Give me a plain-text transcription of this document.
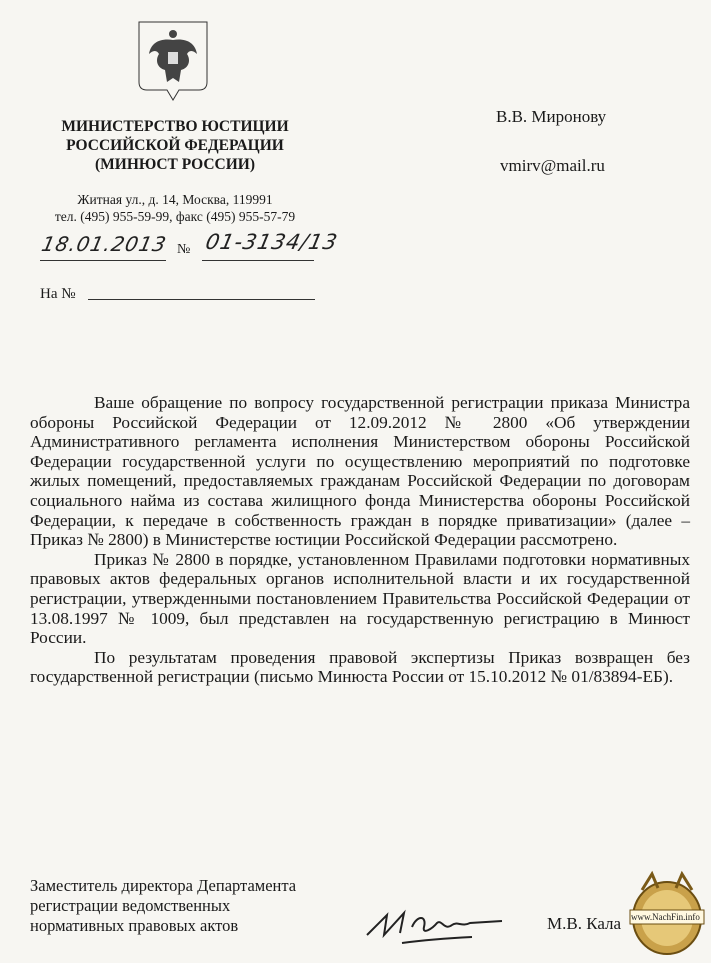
МИНИСТЕРСТВО ЮСТИЦИИ
РОССИЙСКОЙ ФЕДЕРАЦИИ
(МИНЮСТ РОССИИ)
Житная ул., д. 14, Москва, 119991
тел. (495) 955-59-99, факс (495) 955-57-79
18.01.2013 № 01-3134/13
На №
В.В. Миронову
vmirv@mail.ru

Ваше обращение по вопросу государственной регистрации приказа Министра обороны Российской Федерации от 12.09.2012 № 2800 «Об утверждении Административного регламента исполнения Министерством обороны Российской Федерации государственной услуги по осуществлению мероприятий по подготовке жилых помещений, предоставляемых гражданам Российской Федерации по договорам социального найма из состава жилищного фонда Министерства обороны Российской Федерации, к передаче в собственность граждан в порядке приватизации» (далее – Приказ № 2800) в Министерстве юстиции Российской Федерации рассмотрено.

Приказ № 2800 в порядке, установленном Правилами подготовки нормативных правовых актов федеральных органов исполнительной власти и их государственной регистрации, утвержденными постановлением Правительства Российской Федерации от 13.08.1997 № 1009, был представлен на государственную регистрацию в Минюст России.

По результатам проведения правовой экспертизы Приказ возвращен без государственной регистрации (письмо Минюста России от 15.10.2012 № 01/83894-ЕБ).

Заместитель директора Департамента
регистрации ведомственных
нормативных правовых актов	М.В. Кала www.NachFin.info
